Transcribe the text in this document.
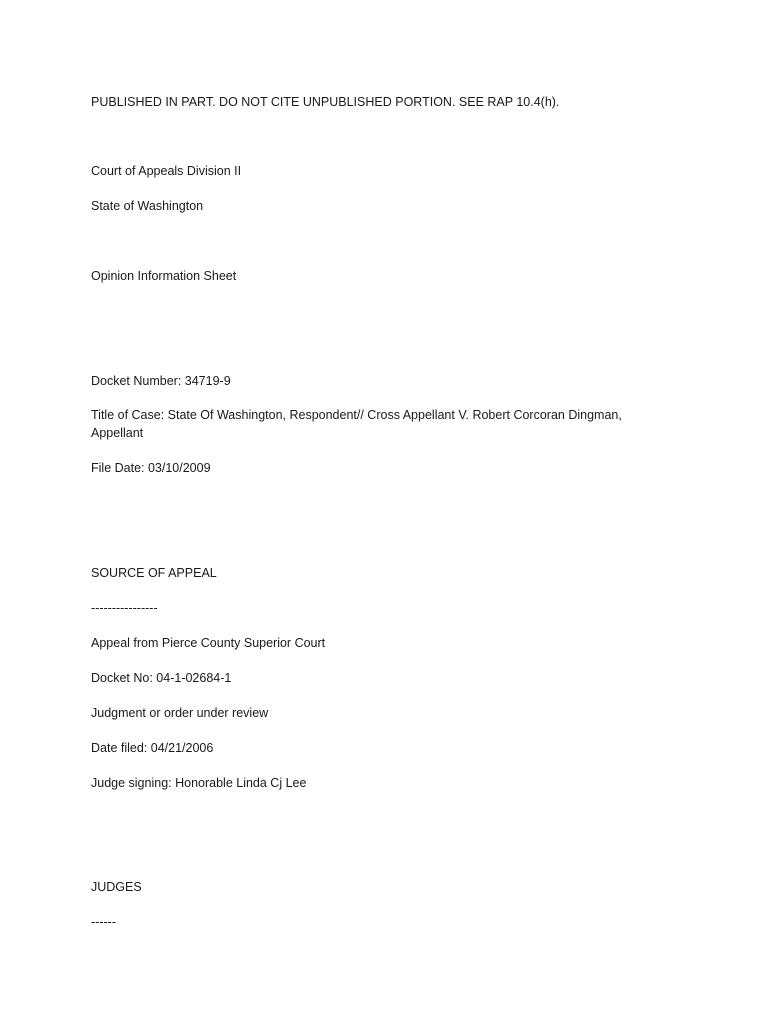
PUBLISHED IN PART. DO NOT CITE UNPUBLISHED PORTION. SEE RAP 10.4(h).
Court of Appeals Division II
State of Washington
Opinion Information Sheet
Docket Number: 34719-9
Title of Case: State Of Washington, Respondent// Cross Appellant V. Robert Corcoran Dingman,
Appellant
File Date: 03/10/2009
SOURCE OF APPEAL
----------------
Appeal from Pierce County Superior Court
Docket No: 04-1-02684-1
Judgment or order under review
Date filed: 04/21/2006
Judge signing: Honorable Linda Cj Lee
JUDGES
------
